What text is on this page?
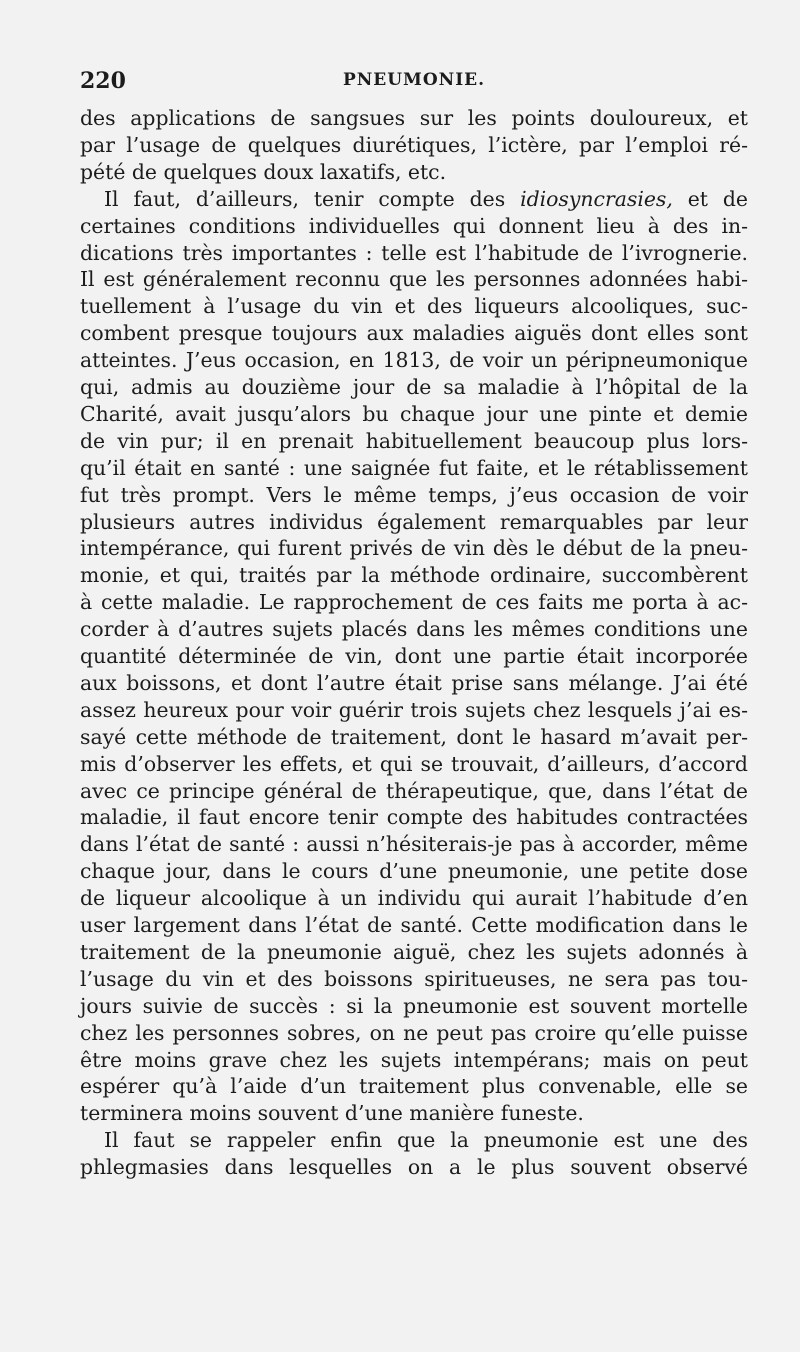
220	PNEUMONIE.
des applications de sangsues sur les points douloureux, et
par l’usage de quelques diurétiques, l’ictère, par l’emploi ré-
pété de quelques doux laxatifs, etc.
Il faut, d’ailleurs, tenir compte des idiosyncrasies, et de
certaines conditions individuelles qui donnent lieu à des in-
dications très importantes : telle est l’habitude de l’ivrognerie.
Il est généralement reconnu que les personnes adonnées habi-
tuellement à l’usage du vin et des liqueurs alcooliques, suc-
combent presque toujours aux maladies aiguës dont elles sont
atteintes. J’eus occasion, en 1813, de voir un péripneumonique
qui, admis au douzième jour de sa maladie à l’hôpital de la
Charité, avait jusqu’alors bu chaque jour une pinte et demie
de vin pur; il en prenait habituellement beaucoup plus lors-
qu’il était en santé : une saignée fut faite, et le rétablissement
fut très prompt. Vers le même temps, j’eus occasion de voir
plusieurs autres individus également remarquables par leur
intempérance, qui furent privés de vin dès le début de la pneu-
monie, et qui, traités par la méthode ordinaire, succombèrent
à cette maladie. Le rapprochement de ces faits me porta à ac-
corder à d’autres sujets placés dans les mêmes conditions une
quantité déterminée de vin, dont une partie était incorporée
aux boissons, et dont l’autre était prise sans mélange. J’ai été
assez heureux pour voir guérir trois sujets chez lesquels j’ai es-
sayé cette méthode de traitement, dont le hasard m’avait per-
mis d’observer les effets, et qui se trouvait, d’ailleurs, d’accord
avec ce principe général de thérapeutique, que, dans l’état de
maladie, il faut encore tenir compte des habitudes contractées
dans l’état de santé : aussi n’hésiterais-je pas à accorder, même
chaque jour, dans le cours d’une pneumonie, une petite dose
de liqueur alcoolique à un individu qui aurait l’habitude d’en
user largement dans l’état de santé. Cette modification dans le
traitement de la pneumonie aiguë, chez les sujets adonnés à
l’usage du vin et des boissons spiritueuses, ne sera pas tou-
jours suivie de succès : si la pneumonie est souvent mortelle
chez les personnes sobres, on ne peut pas croire qu’elle puisse
être moins grave chez les sujets intempérans; mais on peut
espérer qu’à l’aide d’un traitement plus convenable, elle se
terminera moins souvent d’une manière funeste.
Il faut se rappeler enfin que la pneumonie est une des
phlegmasies dans lesquelles on a le plus souvent observé
